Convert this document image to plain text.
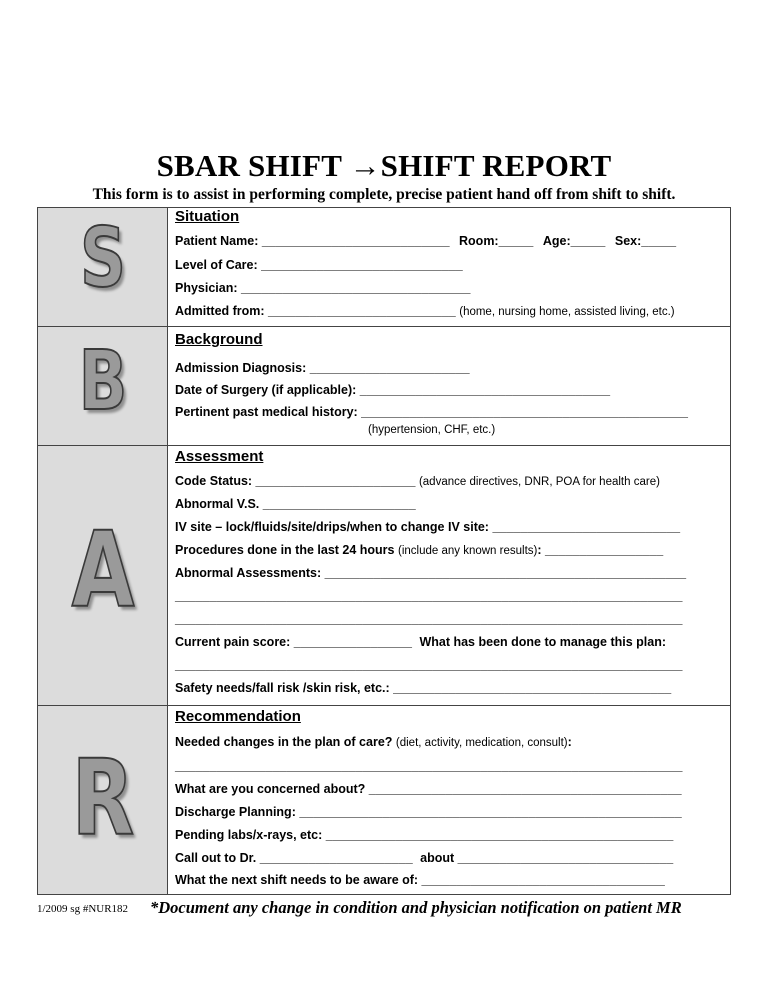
SBAR SHIFT →SHIFT REPORT
This form is to assist in performing complete, precise patient hand off from shift to shift.
S	Situation
Patient Name: ___________________________ Room:_____ Age:_____ Sex:_____
Level of Care: _____________________________
Physician: _________________________________
Admitted from: ___________________________ (home, nursing home, assisted living, etc.)
B	Background
Admission Diagnosis: _______________________
Date of Surgery (if applicable): ____________________________________
Pertinent past medical history: _______________________________________________
(hypertension, CHF, etc.)
A
Assessment
Code Status: _______________________ (advance directives, DNR, POA for health care)
Abnormal V.S. ______________________
IV site – lock/fluids/site/drips/when to change IV site: ___________________________
Procedures done in the last 24 hours (include any known results): _________________
Abnormal Assessments: ____________________________________________________
_________________________________________________________________________
_________________________________________________________________________
Current pain score: _________________ What has been done to manage this plan:
_________________________________________________________________________
Safety needs/fall risk /skin risk, etc.: ________________________________________
R
Recommendation
Needed changes in the plan of care? (diet, activity, medication, consult):
_________________________________________________________________________
What are you concerned about? _____________________________________________
Discharge Planning: _______________________________________________________
Pending labs/x-rays, etc: __________________________________________________
Call out to Dr. ______________________ about _______________________________
What the next shift needs to be aware of: ___________________________________
1/2009 sg #NUR182 *Document any change in condition and physician notification on patient MR
